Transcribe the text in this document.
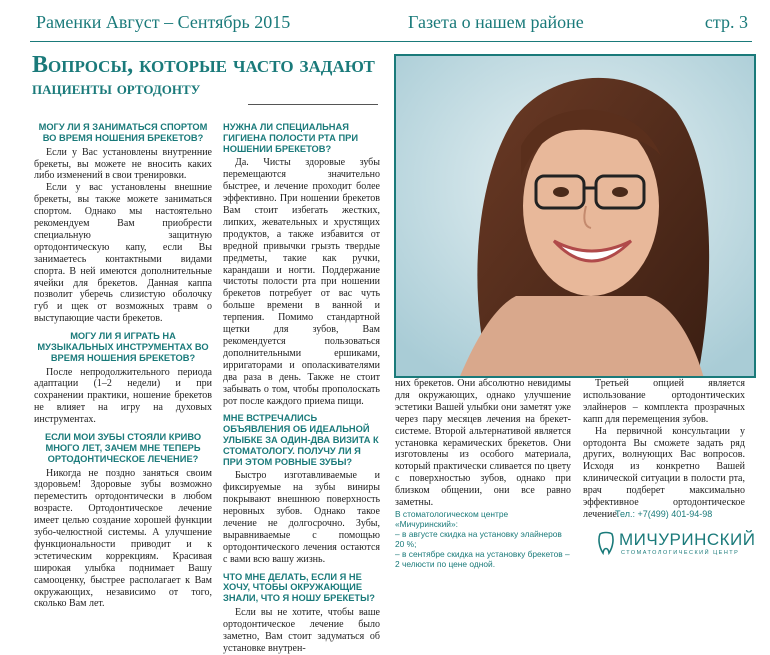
Раменки Август – Сентябрь 2015	Газета о нашем районе	стр. 3
Вопросы, которые часто задают
пациенты ортодонту
МОГУ ЛИ Я ЗАНИМАТЬСЯ СПОРТОМ ВО ВРЕМЯ НОШЕНИЯ БРЕКЕТОВ?

Если у Вас установлены внутренние брекеты, вы можете не вносить каких либо изменений в свои тренировки.

Если у вас установлены внешние брекеты, вы также можете заниматься спортом. Однако мы настоятельно рекомендуем Вам приобрести специальную защитную ортодонтическую капу, если Вы занимаетесь контактными видами спорта. В ней имеются дополнительные ячейки для брекетов. Данная каппа позволит уберечь слизистую оболочку губ и щек от возможных травм о выступающие части брекетов.

МОГУ ЛИ Я ИГРАТЬ НА МУЗЫКАЛЬНЫХ ИНСТРУМЕНТАХ ВО ВРЕМЯ НОШЕНИЯ БРЕКЕТОВ?

После непродолжительного периода адаптации (1–2 недели) и при сохранении практики, ношение брекетов не влияет на игру на духовых инструментах.

ЕСЛИ МОИ ЗУБЫ СТОЯЛИ КРИВО МНОГО ЛЕТ, ЗАЧЕМ МНЕ ТЕПЕРЬ ОРТОДОНТИЧЕСКОЕ ЛЕЧЕНИЕ?

Никогда не поздно заняться своим здоровьем! Здоровые зубы возможно переместить ортодонтически в любом возрасте. Ортодонтическое лечение имеет целью создание хорошей функции зубо-челюстной системы. А улучшение функциональности приводит и к эстетическим коррекциям. Красивая широкая улыбка поднимает Вашу самооценку, быстрее располагает к Вам окружающих, независимо от того, сколько Вам лет.

НУЖНА ЛИ СПЕЦИАЛЬНАЯ ГИГИЕНА ПОЛОСТИ РТА ПРИ НОШЕНИИ БРЕКЕТОВ?

Да. Чисты здоровые зубы перемещаются значительно быстрее, и лечение проходит более эффективно. При ношении брекетов Вам стоит избегать жестких, липких, жевательных и хрустящих продуктов, а также избавится от вредной привычки грызть твердые предметы, такие как ручки, карандаши и ногти. Поддержание чистоты полости рта при ношении брекетов потребует от вас чуть больше времени в ванной и терпения. Помимо стандартной щетки для зубов, Вам рекомендуется пользоваться дополнительными ершиками, ирригаторами и ополаскивателями два раза в день. Также не стоит забывать о том, чтобы прополоскать рот после каждого приема пищи.

МНЕ ВСТРЕЧАЛИСЬ ОБЪЯВЛЕНИЯ ОБ ИДЕАЛЬНОЙ УЛЫБКЕ ЗА ОДИН-ДВА ВИЗИТА К СТОМАТОЛОГУ. ПОЛУЧУ ЛИ Я ПРИ ЭТОМ РОВНЫЕ ЗУБЫ?

Быстро изготавливаемые и фиксируемые на зубы виниры покрывают внешнюю поверхность неровных зубов. Однако такое лечение не долгосрочно. Зубы, выравниваемые с помощью ортодонтического лечения остаются с вами всю вашу жизнь.

ЧТО МНЕ ДЕЛАТЬ, ЕСЛИ Я НЕ ХОЧУ, ЧТОБЫ ОКРУЖАЮЩИЕ ЗНАЛИ, ЧТО Я НОШУ БРЕКЕТЫ?

Если вы не хотите, чтобы ваше ортодонтическое лечение было заметно, Вам стоит задуматься об установке внутрен-

них брекетов. Они абсолютно невидимы для окружающих, однако улучшение эстетики Вашей улыбки они заметят уже через пару месяцев лечения на брекет-системе. Второй альтернативой является установка керамических брекетов. Они изготовлены из особого материала, который практически сливается по цвету с поверхностью зубов, однако при близком общении, они все равно заметны.

Третьей опцией является использование ортодонтических элайнеров – комплекта прозрачных капп для перемещения зубов.

На первичной консультации у ортодонта Вы сможете задать ряд других, волнующих Вас вопросов. Исходя из конкретно Вашей клинической ситуации в полости рта, врач подберет максимально эффективное ортодонтическое лечение.

В стоматологическом центре «Мичуринский»:
– в августе скидка на установку элайнеров 20 %;
– в сентябре скидка на установку брекетов – 2 челюсти по цене одной.
Тел.: +7(499) 401-94-98
МИЧУРИНСКИЙ
СТОМАТОЛОГИЧЕСКИЙ ЦЕНТР
